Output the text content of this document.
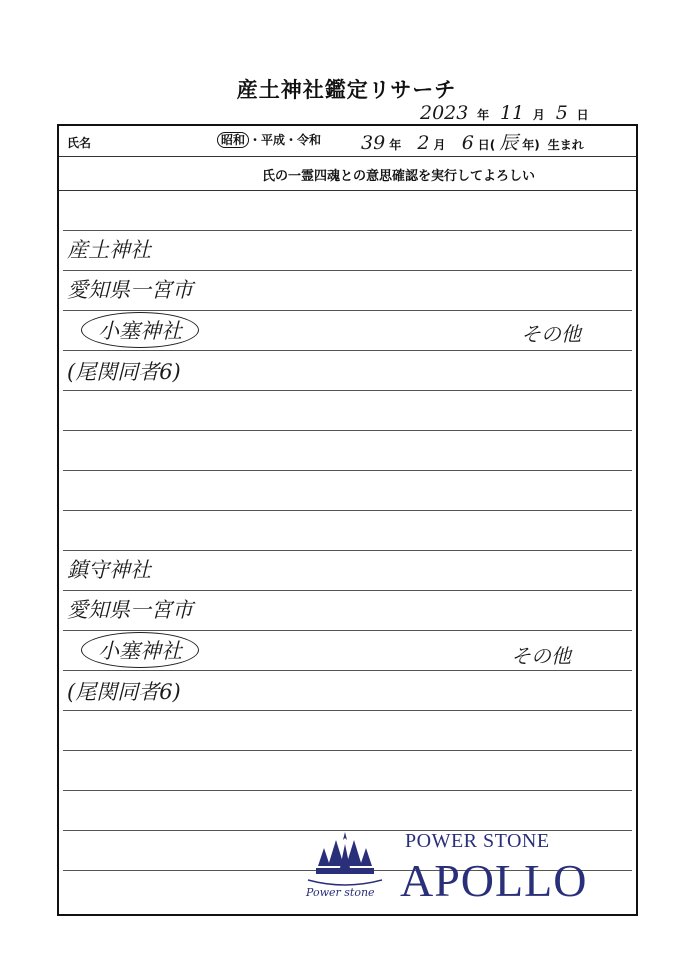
産土神社鑑定リサーチ
2023 年 11 月 5 日
氏名	昭和 ・平成・令和 39 年 2 月 6 日( 辰 年) 生まれ
氏の一霊四魂との意思確認を実行してよろしい
産土神社
愛知県一宮市
小塞神社
(尾関同者6)
その他
鎮守神社
愛知県一宮市
小塞神社
(尾関同者6)
その他
Power stone
POWER STONE
APOLLO
